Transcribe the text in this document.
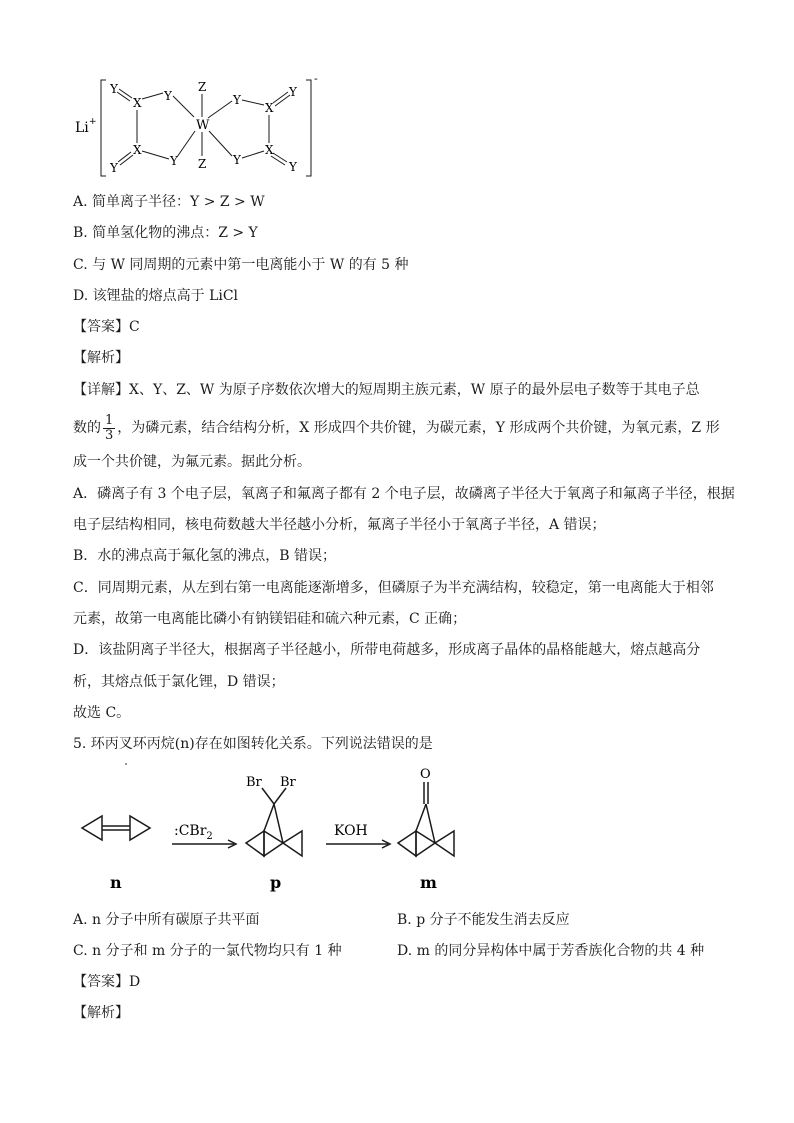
Li +
-
Y
X Y
Z
W
Z
Y
X
Y
X
Y	Y	Y
X
Y
A. 简单离子半径：Y > Z > W
B. 简单氢化物的沸点：Z > Y
C. 与 W 同周期的元素中第一电离能小于 W 的有 5 种
D. 该锂盐的熔点高于 LiCl
【答案】C
【解析】
【详解】X、Y、Z、W 为原子序数依次增大的短周期主族元素，W 原子的最外层电子数等于其电子总
数的 $\frac{1}{3}$ ，为磷元素，结合结构分析，X 形成四个共价键，为碳元素，Y 形成两个共价键，为氧元素，Z 形
成一个共价键，为氟元素。据此分析。
A．磷离子有 3 个电子层，氧离子和氟离子都有 2 个电子层，故磷离子半径大于氧离子和氟离子半径，根据
电子层结构相同，核电荷数越大半径越小分析，氟离子半径小于氧离子半径，A 错误；
B．水的沸点高于氟化氢的沸点，B 错误；
C．同周期元素，从左到右第一电离能逐渐增多，但磷原子为半充满结构，较稳定，第一电离能大于相邻
元素，故第一电离能比磷小有钠镁铝硅和硫六种元素，C 正确；
D．该盐阴离子半径大，根据离子半径越小，所带电荷越多，形成离子晶体的晶格能越大，熔点越高分
析，其熔点低于氯化锂，D 错误；
故选 C。
5. 环丙叉环丙烷(n)存在如图转化关系。下列说法错误的是
:CBr$_2$	KOH
Br Br
O
n	p	m
A. n 分子中所有碳原子共平面	B. p 分子不能发生消去反应
C. n 分子和 m 分子的一氯代物均只有 1 种	D. m 的同分异构体中属于芳香族化合物的共 4 种
【答案】D
【解析】
